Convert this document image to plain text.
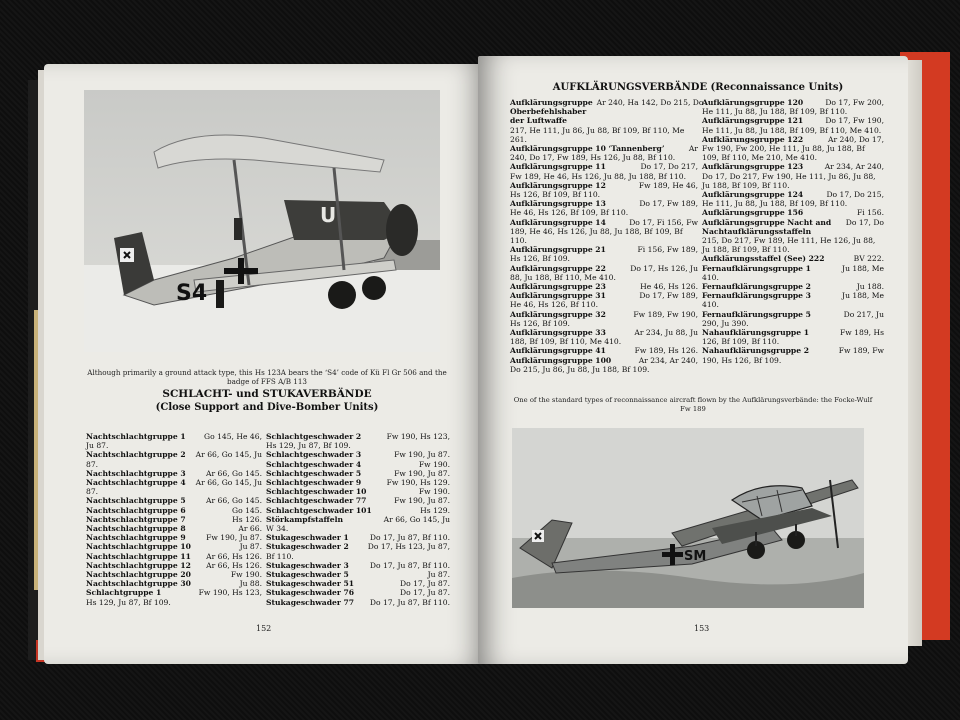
S4
U
Although primarily a ground attack type, this Hs 123A bears the ‘S4’ code of Kü Fl Gr 506 and the badge of FFS A/B 113
SCHLACHT- und STUKAVERBÄNDE
(Close Support and Dive-Bomber Units)
Nachtschlachtgruppe 1 Go 145, He 46,
Ju 87.
Nachtschlachtgruppe 2 Ar 66, Go 145, Ju
87.
Nachtschlachtgruppe 3	Ar 66, Go 145.
Nachtschlachtgruppe 4 Ar 66, Go 145, Ju
87.
Nachtschlachtgruppe 5	Ar 66, Go 145.
Nachtschlachtgruppe 6	Go 145.
Nachtschlachtgruppe 7	Hs 126.
Nachtschlachtgruppe 8	Ar 66.
Nachtschlachtgruppe 9	Fw 190, Ju 87.
Nachtschlachtgruppe 10	Ju 87.
Nachtschlachtgruppe 11 Ar 66, Hs 126.
Nachtschlachtgruppe 12 Ar 66, Hs 126.
Nachtschlachtgruppe 20	Fw 190.
Nachtschlachtgruppe 30	Ju 88.
Schlachtgruppe 1	Fw 190, Hs 123,
Hs 129, Ju 87, Bf 109.
Schlachtgeschwader 2	Fw 190, Hs 123,
Hs 129, Ju 87, Bf 109.
Schlachtgeschwader 3	Fw 190, Ju 87.
Schlachtgeschwader 4	Fw 190.
Schlachtgeschwader 5	Fw 190, Ju 87.
Schlachtgeschwader 9	Fw 190, Hs 129.
Schlachtgeschwader 10	Fw 190.
Schlachtgeschwader 77	Fw 190, Ju 87.
Schlachtgeschwader 101	Hs 129.
Störkampfstaffeln	Ar 66, Go 145, Ju
W 34.
Stukageschwader 1	Do 17, Ju 87, Bf 110.
Stukageschwader 2 Do 17, Hs 123, Ju 87,
Bf 110.
Stukageschwader 3	Do 17, Ju 87, Bf 110.
Stukageschwader 5	Ju 87.
Stukageschwader 51	Do 17, Ju 87.
Stukageschwader 76	Do 17, Ju 87.
Stukageschwader 77 Do 17, Ju 87, Bf 110.
152
AUFKLÄRUNGSVERBÄNDE (Reconnaissance Units)
Aufklärungsgruppe Oberbefehlshaber der Luftwaffe
Ar 240, Ha 142, Do 215, Do
217, He 111, Ju 86, Ju 88, Bf 109, Bf 110, Me 261.
Aufklärungsgruppe 10 ‘Tannenberg’	Ar
240, Do 17, Fw 189, Hs 126, Ju 88, Bf 110.
Aufklärungsgruppe 11	Do 17, Do 217,
Fw 189, He 46, Hs 126, Ju 88, Ju 188, Bf 110.
Aufklärungsgruppe 12	Fw 189, He 46,
Hs 126, Bf 109, Bf 110.
Aufklärungsgruppe 13	Do 17, Fw 189,
He 46, Hs 126, Bf 109, Bf 110.
Aufklärungsgruppe 14	Do 17, Fi 156, Fw
189, He 46, Hs 126, Ju 88, Ju 188, Bf 109, Bf 110.
Aufklärungsgruppe 21	Fi 156, Fw 189,
Hs 126, Bf 109.
Aufklärungsgruppe 22	Do 17, Hs 126, Ju
88, Ju 188, Bf 110, Me 410.
Aufklärungsgruppe 23	He 46, Hs 126.
Aufklärungsgruppe 31	Do 17, Fw 189,
He 46, Hs 126, Bf 110.
Aufklärungsgruppe 32	Fw 189, Fw 190,
Hs 126, Bf 109.
Aufklärungsgruppe 33	Ar 234, Ju 88, Ju
188, Bf 109, Bf 110, Me 410.
Aufklärungsgruppe 41	Fw 189, Hs 126.
Aufklärungsgruppe 100	Ar 234, Ar 240,
Do 215, Ju 86, Ju 88, Ju 188, Bf 109.
Aufklärungsgruppe 120	Do 17, Fw 200,
He 111, Ju 88, Ju 188, Bf 109, Bf 110.
Aufklärungsgruppe 121	Do 17, Fw 190,
He 111, Ju 88, Ju 188, Bf 109, Bf 110, Me 410.
Aufklärungsgruppe 122	Ar 240, Do 17,
Fw 190, Fw 200, He 111, Ju 88, Ju 188, Bf 109, Bf 110, Me 210, Me 410.
Aufklärungsgruppe 123	Ar 234, Ar 240,
Do 17, Do 217, Fw 190, He 111, Ju 86, Ju 88, Ju 188, Bf 109, Bf 110.
Aufklärungsgruppe 124	Do 17, Do 215,
He 111, Ju 88, Ju 188, Bf 109, Bf 110.
Aufklärungsgruppe 156	Fi 156.
Aufklärungsgruppe Nacht and Nachtaufklärungsstaffeln
Do 17, Do
215, Do 217, Fw 189, He 111, He 126, Ju 88, Ju 188, Bf 109, Bf 110.
Aufklärungsstaffel (See) 222	BV 222.
Fernaufklärungsgruppe 1	Ju 188, Me
410.
Fernaufklärungsgruppe 2	Ju 188.
Fernaufklärungsgruppe 3	Ju 188, Me
410.
Fernaufklärungsgruppe 5	Do 217, Ju
290, Ju 390.
Nahaufklärungsgruppe 1	Fw 189, Hs
126, Bf 109, Bf 110.
Nahaufklärungsgruppe 2	Fw 189, Fw
190, Hs 126, Bf 109.
One of the standard types of reconnaissance aircraft flown by the Aufklärungsverbände: the Focke-Wulf Fw 189
SM
153
